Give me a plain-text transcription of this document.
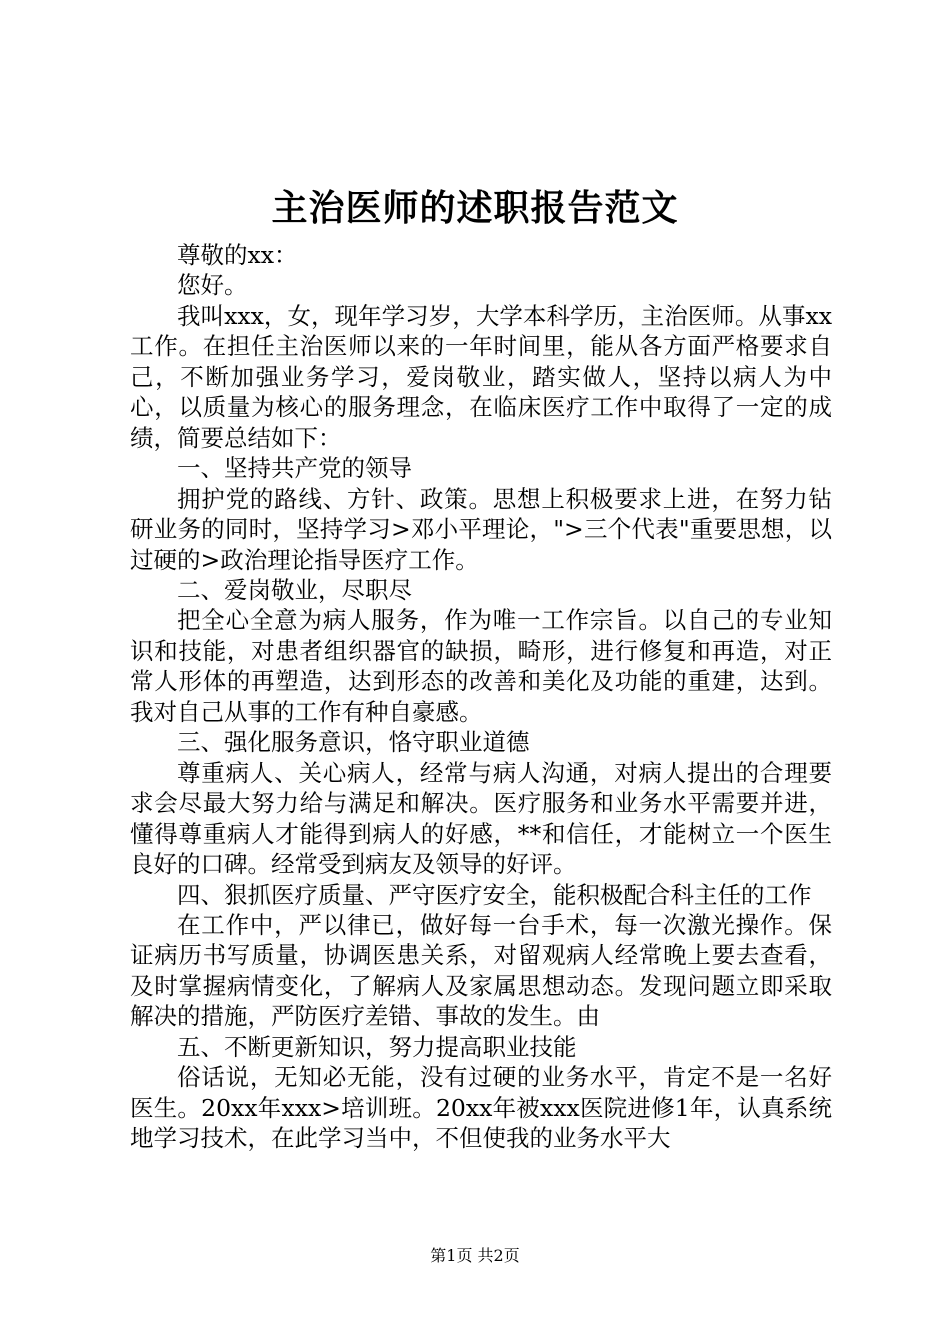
主治医师的述职报告范文

尊敬的xx：

您好。

我叫xxx，女，现年学习岁，大学本科学历，主治医师。从事xx工作。在担任主治医师以来的一年时间里，能从各方面严格要求自己，不断加强业务学习，爱岗敬业，踏实做人，坚持以病人为中心，以质量为核心的服务理念，在临床医疗工作中取得了一定的成绩，简要总结如下：

一、坚持共产党的领导

拥护党的路线、方针、政策。思想上积极要求上进，在努力钻研业务的同时，坚持学习>邓小平理论，">三个代表"重要思想，以过硬的>政治理论指导医疗工作。

二、爱岗敬业，尽职尽

把全心全意为病人服务，作为唯一工作宗旨。以自己的专业知识和技能，对患者组织器官的缺损，畸形，进行修复和再造，对正常人形体的再塑造，达到形态的改善和美化及功能的重建，达到。我对自己从事的工作有种自豪感。

三、强化服务意识，恪守职业道德

尊重病人、关心病人，经常与病人沟通，对病人提出的合理要求会尽最大努力给与满足和解决。医疗服务和业务水平需要并进，懂得尊重病人才能得到病人的好感，**和信任，才能树立一个医生良好的口碑。经常受到病友及领导的好评。

四、狠抓医疗质量、严守医疗安全，能积极配合科主任的工作

在工作中，严以律已，做好每一台手术，每一次激光操作。保证病历书写质量，协调医患关系，对留观病人经常晚上要去查看，及时掌握病情变化，了解病人及家属思想动态。发现问题立即采取解决的措施，严防医疗差错、事故的发生。由

五、不断更新知识，努力提高职业技能

俗话说，无知必无能，没有过硬的业务水平，肯定不是一名好医生。20xx年xxx>培训班。20xx年被xxx医院进修1年，认真系统地学习技术，在此学习当中，不但使我的业务水平大

第1页 共2页
